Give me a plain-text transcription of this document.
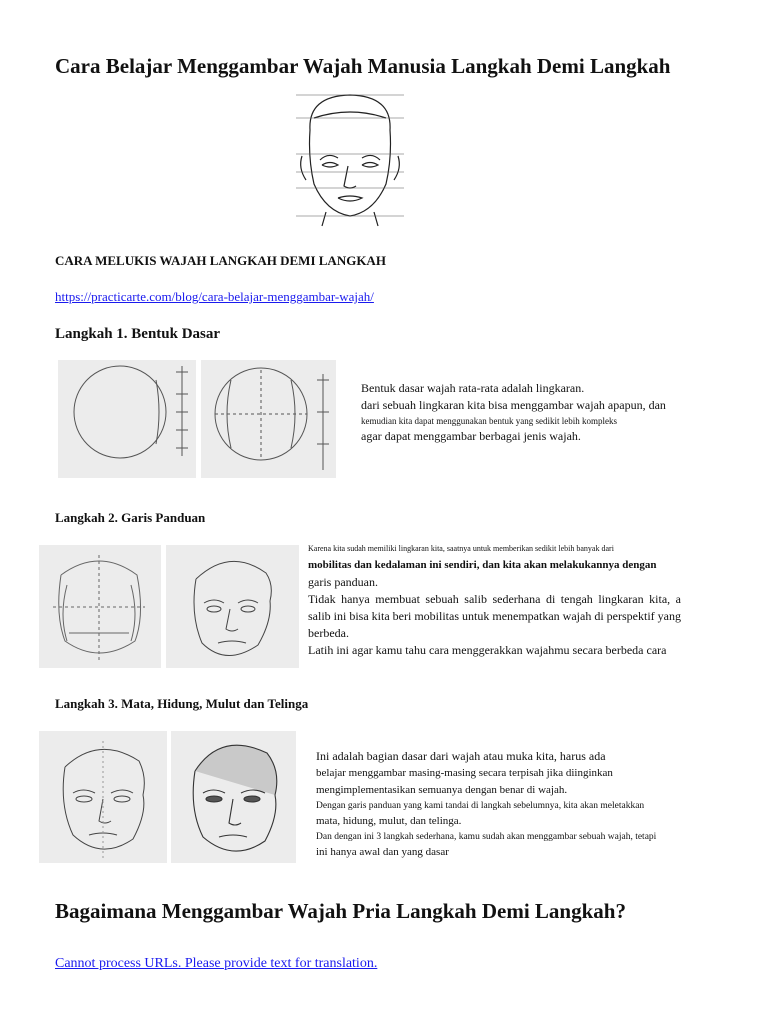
Cara Belajar Menggambar Wajah Manusia Langkah Demi Langkah
CARA MELUKIS WAJAH LANGKAH DEMI LANGKAH
https://practicarte.com/blog/cara-belajar-menggambar-wajah/
Langkah 1. Bentuk Dasar
Bentuk dasar wajah rata-rata adalah lingkaran.
dari sebuah lingkaran kita bisa menggambar wajah apapun, dan
kemudian kita dapat menggunakan bentuk yang sedikit lebih kompleks
agar dapat menggambar berbagai jenis wajah.
Langkah 2. Garis Panduan
Karena kita sudah memiliki lingkaran kita, saatnya untuk memberikan sedikit lebih banyak dari
mobilitas dan kedalaman ini sendiri, dan kita akan melakukannya dengan
garis panduan.
Tidak hanya membuat sebuah salib sederhana di tengah lingkaran kita, a salib ini bisa kita beri mobilitas untuk menempatkan wajah di perspektif yang berbeda.
Latih ini agar kamu tahu cara menggerakkan wajahmu secara berbeda cara
Langkah 3. Mata, Hidung, Mulut dan Telinga
Ini adalah bagian dasar dari wajah atau muka kita, harus ada
belajar menggambar masing-masing secara terpisah jika diinginkan
mengimplementasikan semuanya dengan benar di wajah.
Dengan garis panduan yang kami tandai di langkah sebelumnya, kita akan meletakkan
mata, hidung, mulut, dan telinga.
Dan dengan ini 3 langkah sederhana, kamu sudah akan menggambar sebuah wajah, tetapi
ini hanya awal dan yang dasar
Bagaimana Menggambar Wajah Pria Langkah Demi Langkah?
Cannot process URLs. Please provide text for translation.
